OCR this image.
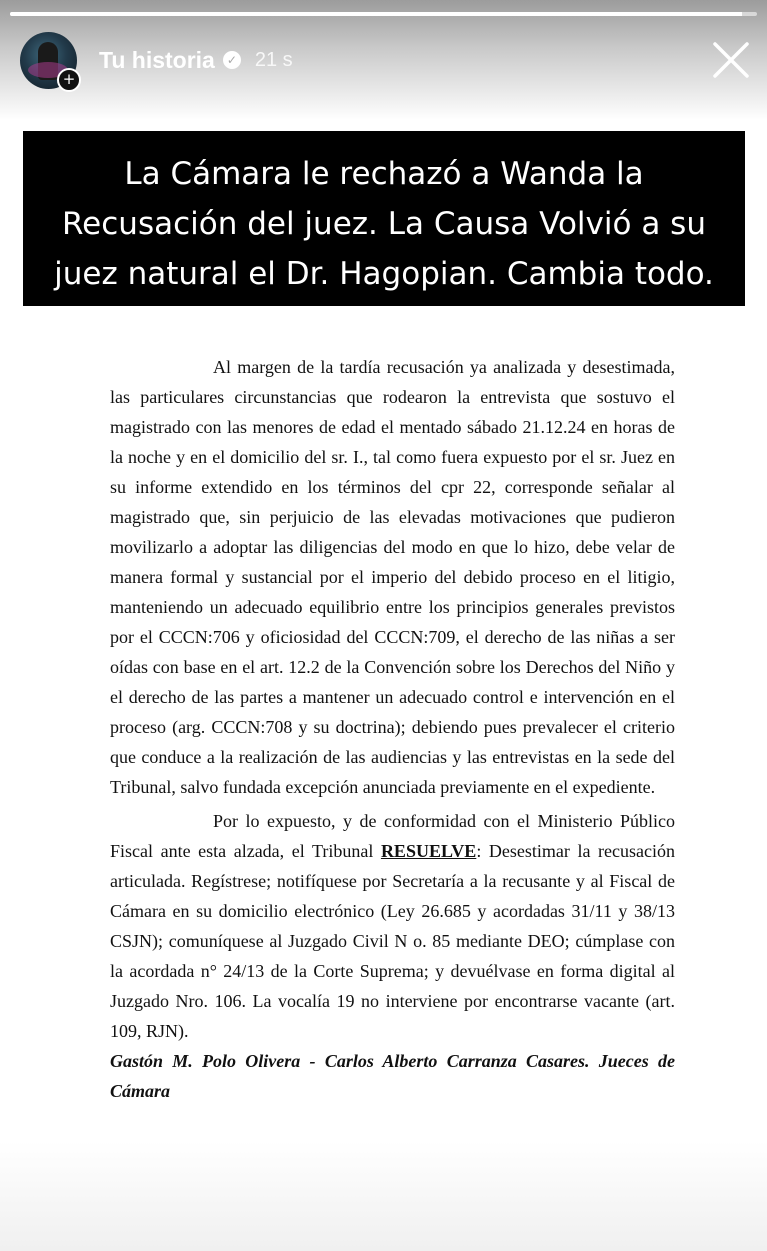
+
Tu historia ✓ 21 s
La Cámara le rechazó a Wanda la
Recusación del juez. La Causa Volvió a su
juez natural el Dr. Hagopian. Cambia todo.

Al margen de la tardía recusación ya analizada y desestimada, las particulares circunstancias que rodearon la entrevista que sostuvo el magistrado con las menores de edad el mentado sábado 21.12.24 en horas de la noche y en el domicilio del sr. I., tal como fuera expuesto por el sr. Juez en su informe extendido en los términos del cpr 22, corresponde señalar al magistrado que, sin perjuicio de las elevadas motivaciones que pudieron movilizarlo a adoptar las diligencias del modo en que lo hizo, debe velar de manera formal y sustancial por el imperio del debido proceso en el litigio, manteniendo un adecuado equilibrio entre los principios generales previstos por el CCCN:706 y oficiosidad del CCCN:709, el derecho de las niñas a ser oídas con base en el art. 12.2 de la Convención sobre los Derechos del Niño y el derecho de las partes a mantener un adecuado control e intervención en el proceso (arg. CCCN:708 y su doctrina); debiendo pues prevalecer el criterio que conduce a la realización de las audiencias y las entrevistas en la sede del Tribunal, salvo fundada excepción anunciada previamente en el expediente.

Por lo expuesto, y de conformidad con el Ministerio Público Fiscal ante esta alzada, el Tribunal RESUELVE: Desestimar la recusación articulada. Regístrese; notifíquese por Secretaría a la recusante y al Fiscal de Cámara en su domicilio electrónico (Ley 26.685 y acordadas 31/11 y 38/13 CSJN); comuníquese al Juzgado Civil N o. 85 mediante DEO; cúmplase con la acordada n° 24/13 de la Corte Suprema; y devuélvase en forma digital al Juzgado Nro. 106. La vocalía 19 no interviene por encontrarse vacante (art. 109, RJN).

Gastón M. Polo Olivera - Carlos Alberto Carranza Casares. Jueces de Cámara
